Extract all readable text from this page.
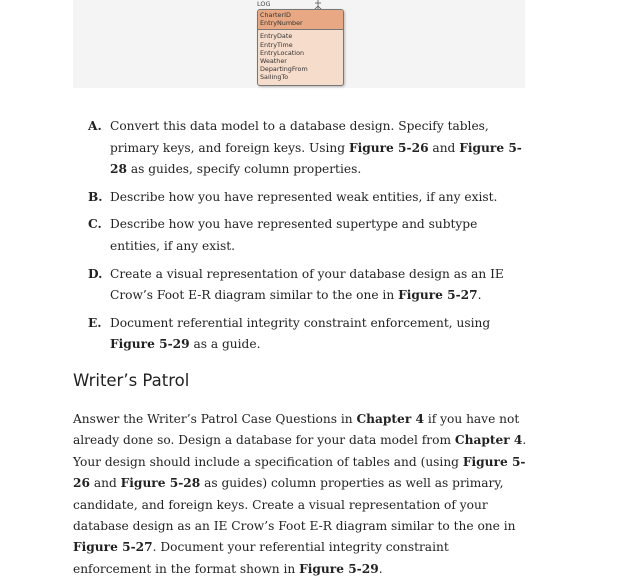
LOG
CharterID
EntryNumber
EntryDate
EntryTime
EntryLocation
Weather
DepartingFrom
SailingTo
A. Convert this data model to a database design. Specify tables, primary keys, and foreign keys. Using Figure 5-26 and Figure 5-28 as guides, specify column properties.
B. Describe how you have represented weak entities, if any exist.
C. Describe how you have represented supertype and subtype entities, if any exist.
D. Create a visual representation of your database design as an IE Crow’s Foot E-R diagram similar to the one in Figure 5-27.
E. Document referential integrity constraint enforcement, using Figure 5-29 as a guide.
Writer’s Patrol

Answer the Writer’s Patrol Case Questions in Chapter 4 if you have not already done so. Design a database for your data model from Chapter 4. Your design should include a specification of tables and (using Figure 5-26 and Figure 5-28 as guides) column properties as well as primary, candidate, and foreign keys. Create a visual representation of your database design as an IE Crow’s Foot E-R diagram similar to the one in Figure 5-27. Document your referential integrity constraint enforcement in the format shown in Figure 5-29.
